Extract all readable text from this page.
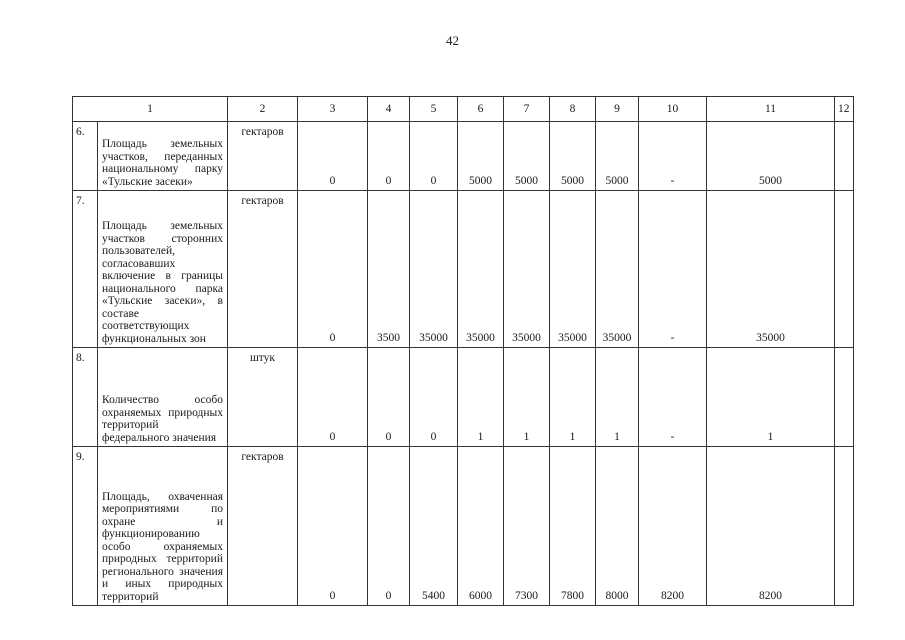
42
1		2	3	4	5	6	7	8	9	10	11	12
6.	Площадь земельных участков, переданных национальному парку «Тульские засеки»	гектаров	0	0	0	5000	5000	5000	5000	-	5000	
7.	Площадь земельных участков сторонних пользователей, согласовавших включение в границы национального парка «Тульские засеки», в составе соответствующих функциональных зон	гектаров	0	3500	35000	35000	35000	35000	35000	-	35000	
8.	Количество особо охраняемых природных территорий федерального значения	штук	0	0	0	1	1	1	1	-	1	
9.	Площадь, охваченная мероприятиями по охране и функционированию особо охраняемых природных территорий регионального значения и иных природных территорий	гектаров	0	0	5400	6000	7300	7800	8000	8200	8200	
